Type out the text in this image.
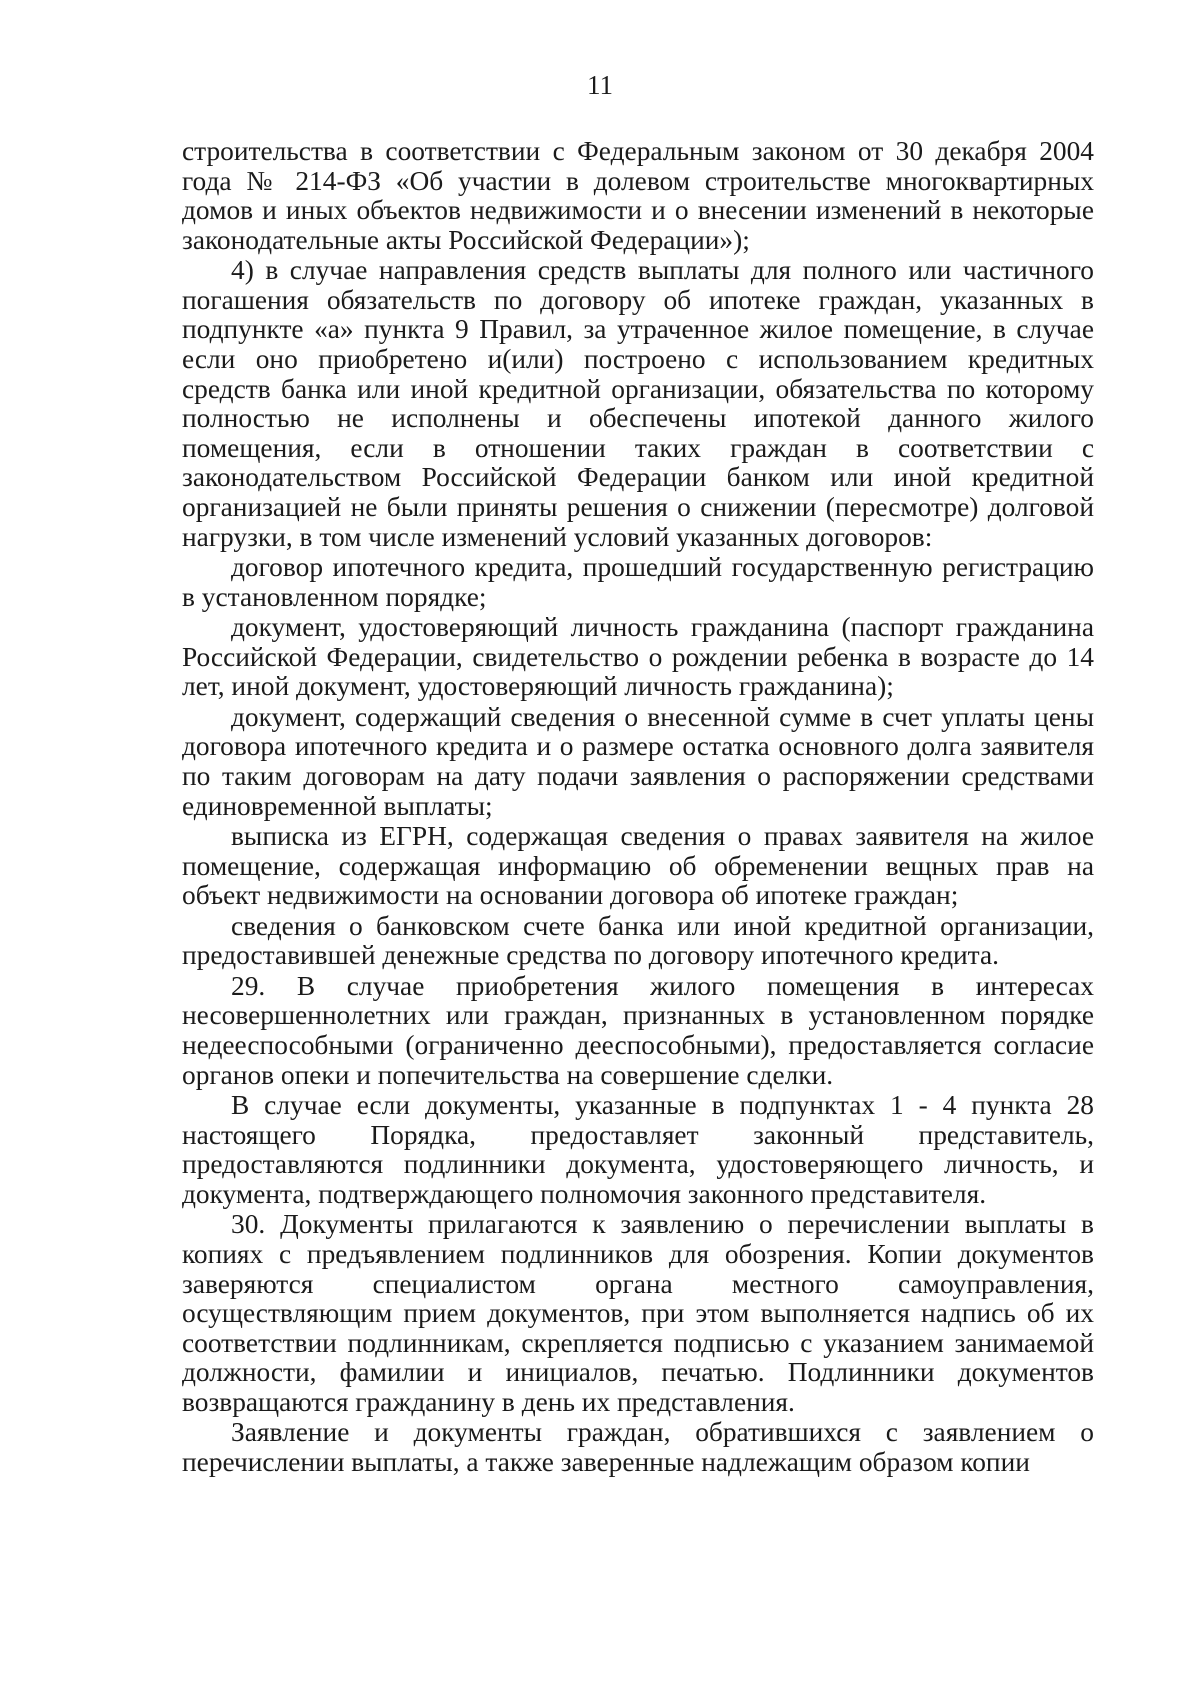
11

строительства в соответствии с Федеральным законом от 30 декабря 2004 года № 214-ФЗ «Об участии в долевом строительстве многоквартирных домов и иных объектов недвижимости и о внесении изменений в некоторые законодательные акты Российской Федерации»);

4) в случае направления средств выплаты для полного или частичного погашения обязательств по договору об ипотеке граждан, указанных в подпункте «а» пункта 9 Правил, за утраченное жилое помещение, в случае если оно приобретено и(или) построено с использованием кредитных средств банка или иной кредитной организации, обязательства по которому полностью не исполнены и обеспечены ипотекой данного жилого помещения, если в отношении таких граждан в соответствии с законодательством Российской Федерации банком или иной кредитной организацией не были приняты решения о снижении (пересмотре) долговой нагрузки, в том числе изменений условий указанных договоров:

договор ипотечного кредита, прошедший государственную регистрацию в установленном порядке;

документ, удостоверяющий личность гражданина (паспорт гражданина Российской Федерации, свидетельство о рождении ребенка в возрасте до 14 лет, иной документ, удостоверяющий личность гражданина);

документ, содержащий сведения о внесенной сумме в счет уплаты цены договора ипотечного кредита и о размере остатка основного долга заявителя по таким договорам на дату подачи заявления о распоряжении средствами единовременной выплаты;

выписка из ЕГРН, содержащая сведения о правах заявителя на жилое помещение, содержащая информацию об обременении вещных прав на объект недвижимости на основании договора об ипотеке граждан;

сведения о банковском счете банка или иной кредитной организации, предоставившей денежные средства по договору ипотечного кредита.

29. В случае приобретения жилого помещения в интересах несовершеннолетних или граждан, признанных в установленном порядке недееспособными (ограниченно дееспособными), предоставляется согласие органов опеки и попечительства на совершение сделки.

В случае если документы, указанные в подпунктах 1 - 4 пункта 28 настоящего Порядка, предоставляет законный представитель, предоставляются подлинники документа, удостоверяющего личность, и документа, подтверждающего полномочия законного представителя.

30. Документы прилагаются к заявлению о перечислении выплаты в копиях с предъявлением подлинников для обозрения. Копии документов заверяются специалистом органа местного самоуправления, осуществляющим прием документов, при этом выполняется надпись об их соответствии подлинникам, скрепляется подписью с указанием занимаемой должности, фамилии и инициалов, печатью. Подлинники документов возвращаются гражданину в день их представления.

Заявление и документы граждан, обратившихся с заявлением о перечислении выплаты, а также заверенные надлежащим образом копии
